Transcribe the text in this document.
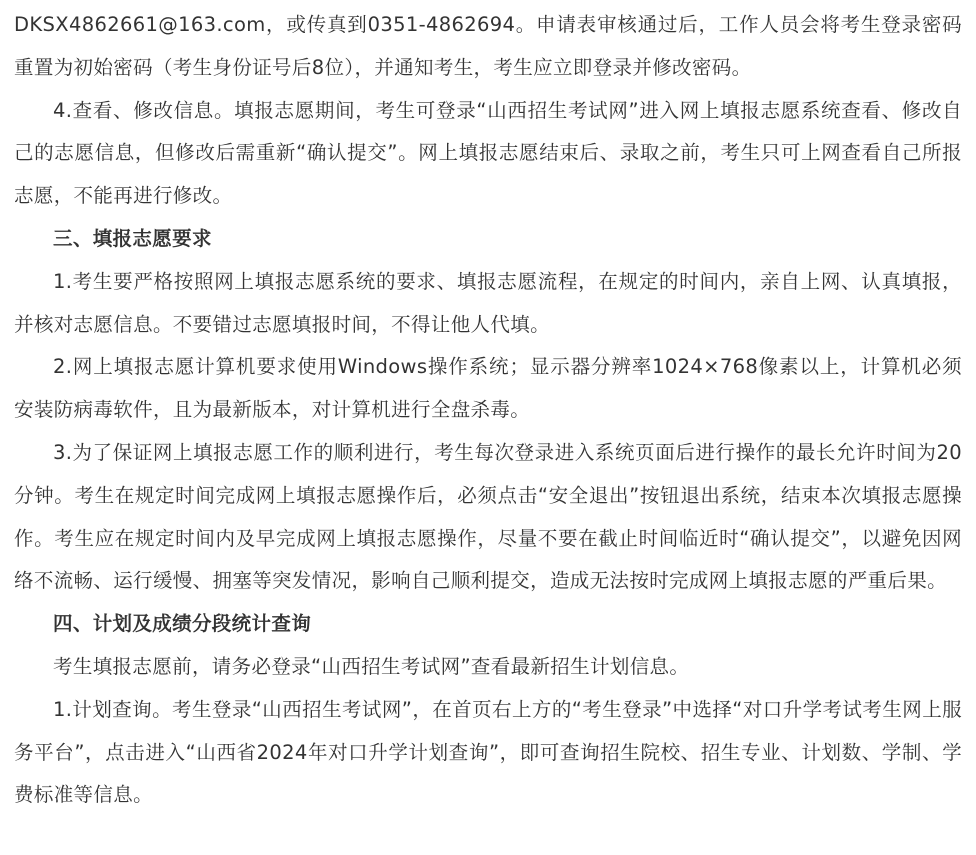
DKSX4862661@163.com，或传真到0351-4862694。申请表审核通过后，工作人员会将考生登录密码重置为初始密码（考生身份证号后8位），并通知考生，考生应立即登录并修改密码。

4.查看、修改信息。填报志愿期间，考生可登录“山西招生考试网”进入网上填报志愿系统查看、修改自己的志愿信息，但修改后需重新“确认提交”。网上填报志愿结束后、录取之前，考生只可上网查看自己所报志愿，不能再进行修改。

三、填报志愿要求

1.考生要严格按照网上填报志愿系统的要求、填报志愿流程，在规定的时间内，亲自上网、认真填报，并核对志愿信息。不要错过志愿填报时间，不得让他人代填。

2.网上填报志愿计算机要求使用Windows操作系统；显示器分辨率1024×768像素以上，计算机必须安装防病毒软件，且为最新版本，对计算机进行全盘杀毒。

3.为了保证网上填报志愿工作的顺利进行，考生每次登录进入系统页面后进行操作的最长允许时间为20分钟。考生在规定时间完成网上填报志愿操作后，必须点击“安全退出”按钮退出系统，结束本次填报志愿操作。考生应在规定时间内及早完成网上填报志愿操作，尽量不要在截止时间临近时“确认提交”，以避免因网络不流畅、运行缓慢、拥塞等突发情况，影响自己顺利提交，造成无法按时完成网上填报志愿的严重后果。

四、计划及成绩分段统计查询

考生填报志愿前，请务必登录“山西招生考试网”查看最新招生计划信息。

1.计划查询。考生登录“山西招生考试网”，在首页右上方的“考生登录”中选择“对口升学考试考生网上服务平台”，点击进入“山西省2024年对口升学计划查询”，即可查询招生院校、招生专业、计划数、学制、学费标准等信息。
